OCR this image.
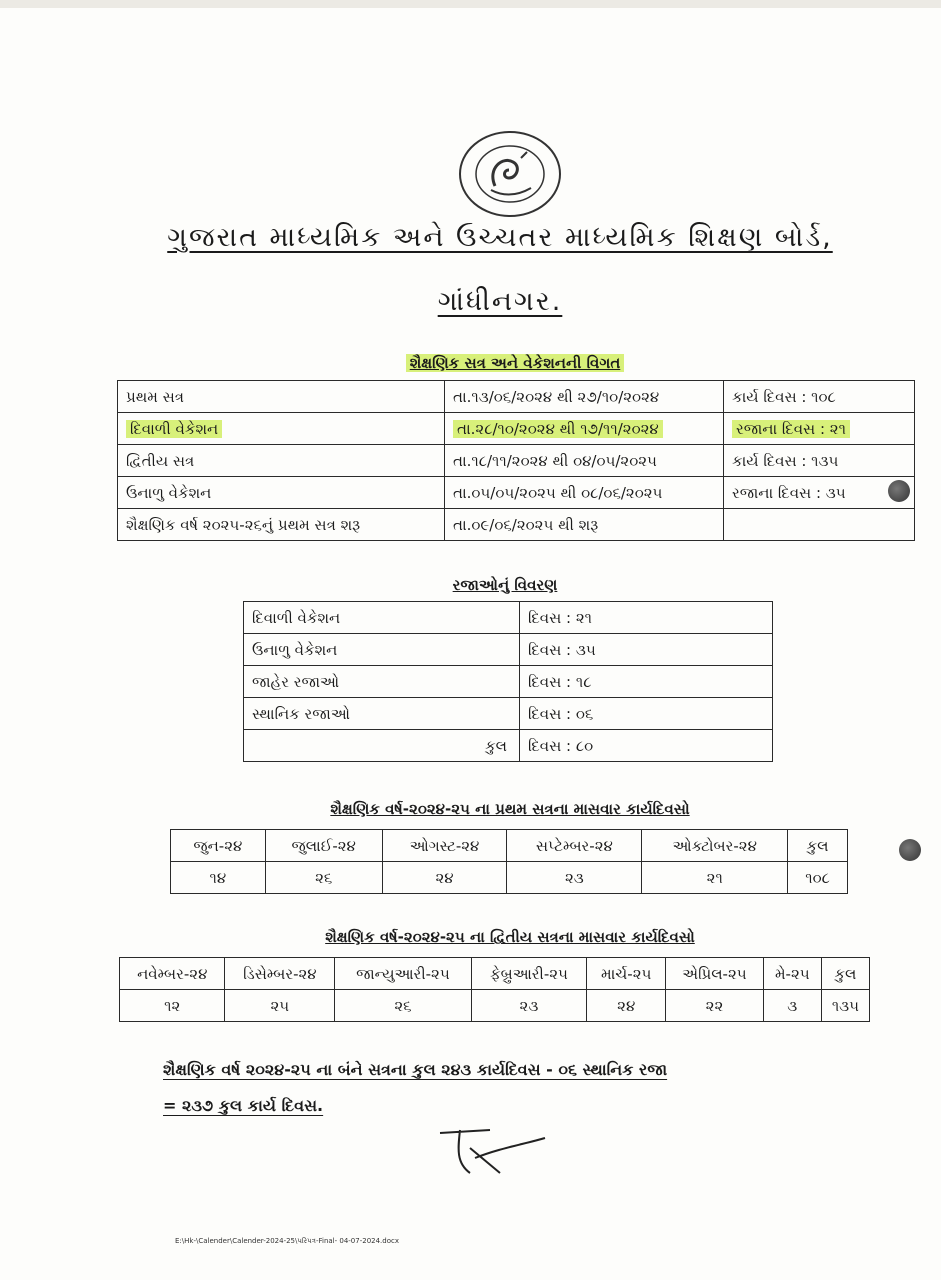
ગુજરાત માધ્યમિક અને ઉચ્ચતર માધ્યમિક શિક્ષણ બોર્ડ,
ગાંધીનગર.
શૈક્ષણિક સત્ર અને વેકેશનની વિગત
પ્રથમ સત્ર	તા.૧૩/૦૬/૨૦૨૪ થી ૨૭/૧૦/૨૦૨૪	કાર્ય દિવસ : ૧૦૮
દિવાળી વેકેશન	તા.૨૮/૧૦/૨૦૨૪ થી ૧૭/૧૧/૨૦૨૪	રજાના દિવસ : ૨૧
દ્વિતીય સત્ર	તા.૧૮/૧૧/૨૦૨૪ થી ૦૪/૦૫/૨૦૨૫	કાર્ય દિવસ : ૧૩૫
ઉનાળુ વેકેશન	તા.૦૫/૦૫/૨૦૨૫ થી ૦૮/૦૬/૨૦૨૫	રજાના દિવસ : ૩૫
શૈક્ષણિક વર્ષ ૨૦૨૫-૨૬નું પ્રથમ સત્ર શરૂ	તા.૦૯/૦૬/૨૦૨૫ થી શરૂ	
રજાઓનું વિવરણ
દિવાળી વેકેશન	દિવસ : ૨૧
ઉનાળુ વેકેશન	દિવસ : ૩૫
જાહેર રજાઓ	દિવસ : ૧૮
સ્થાનિક રજાઓ	દિવસ : ૦૬
કુલ	દિવસ : ૮૦
શૈક્ષણિક વર્ષ-૨૦૨૪-૨૫ ના પ્રથમ સત્રના માસવાર કાર્યદિવસો
જુન-૨૪	જુલાઈ-૨૪	ઓગસ્ટ-૨૪	સપ્ટેમ્બર-૨૪	ઓક્ટોબર-૨૪	કુલ
૧૪	૨૬	૨૪	૨૩	૨૧	૧૦૮
શૈક્ષણિક વર્ષ-૨૦૨૪-૨૫ ના દ્વિતીય સત્રના માસવાર કાર્યદિવસો
નવેમ્બર-૨૪	ડિસેમ્બર-૨૪	જાન્યુઆરી-૨૫	ફેબ્રુઆરી-૨૫	માર્ચ-૨૫	એપ્રિલ-૨૫	મે-૨૫	કુલ
૧૨	૨૫	૨૬	૨૩	૨૪	૨૨	૩	૧૩૫
શૈક્ષણિક વર્ષ ૨૦૨૪-૨૫ ના બંને સત્રના કુલ ૨૪૩ કાર્યદિવસ - ૦૬ સ્થાનિક રજા
= ૨૩૭ કુલ કાર્ય દિવસ.
E:\Hk-\Calender\Calender-2024-25\પરિપત્ર-Final- 04-07-2024.docx
